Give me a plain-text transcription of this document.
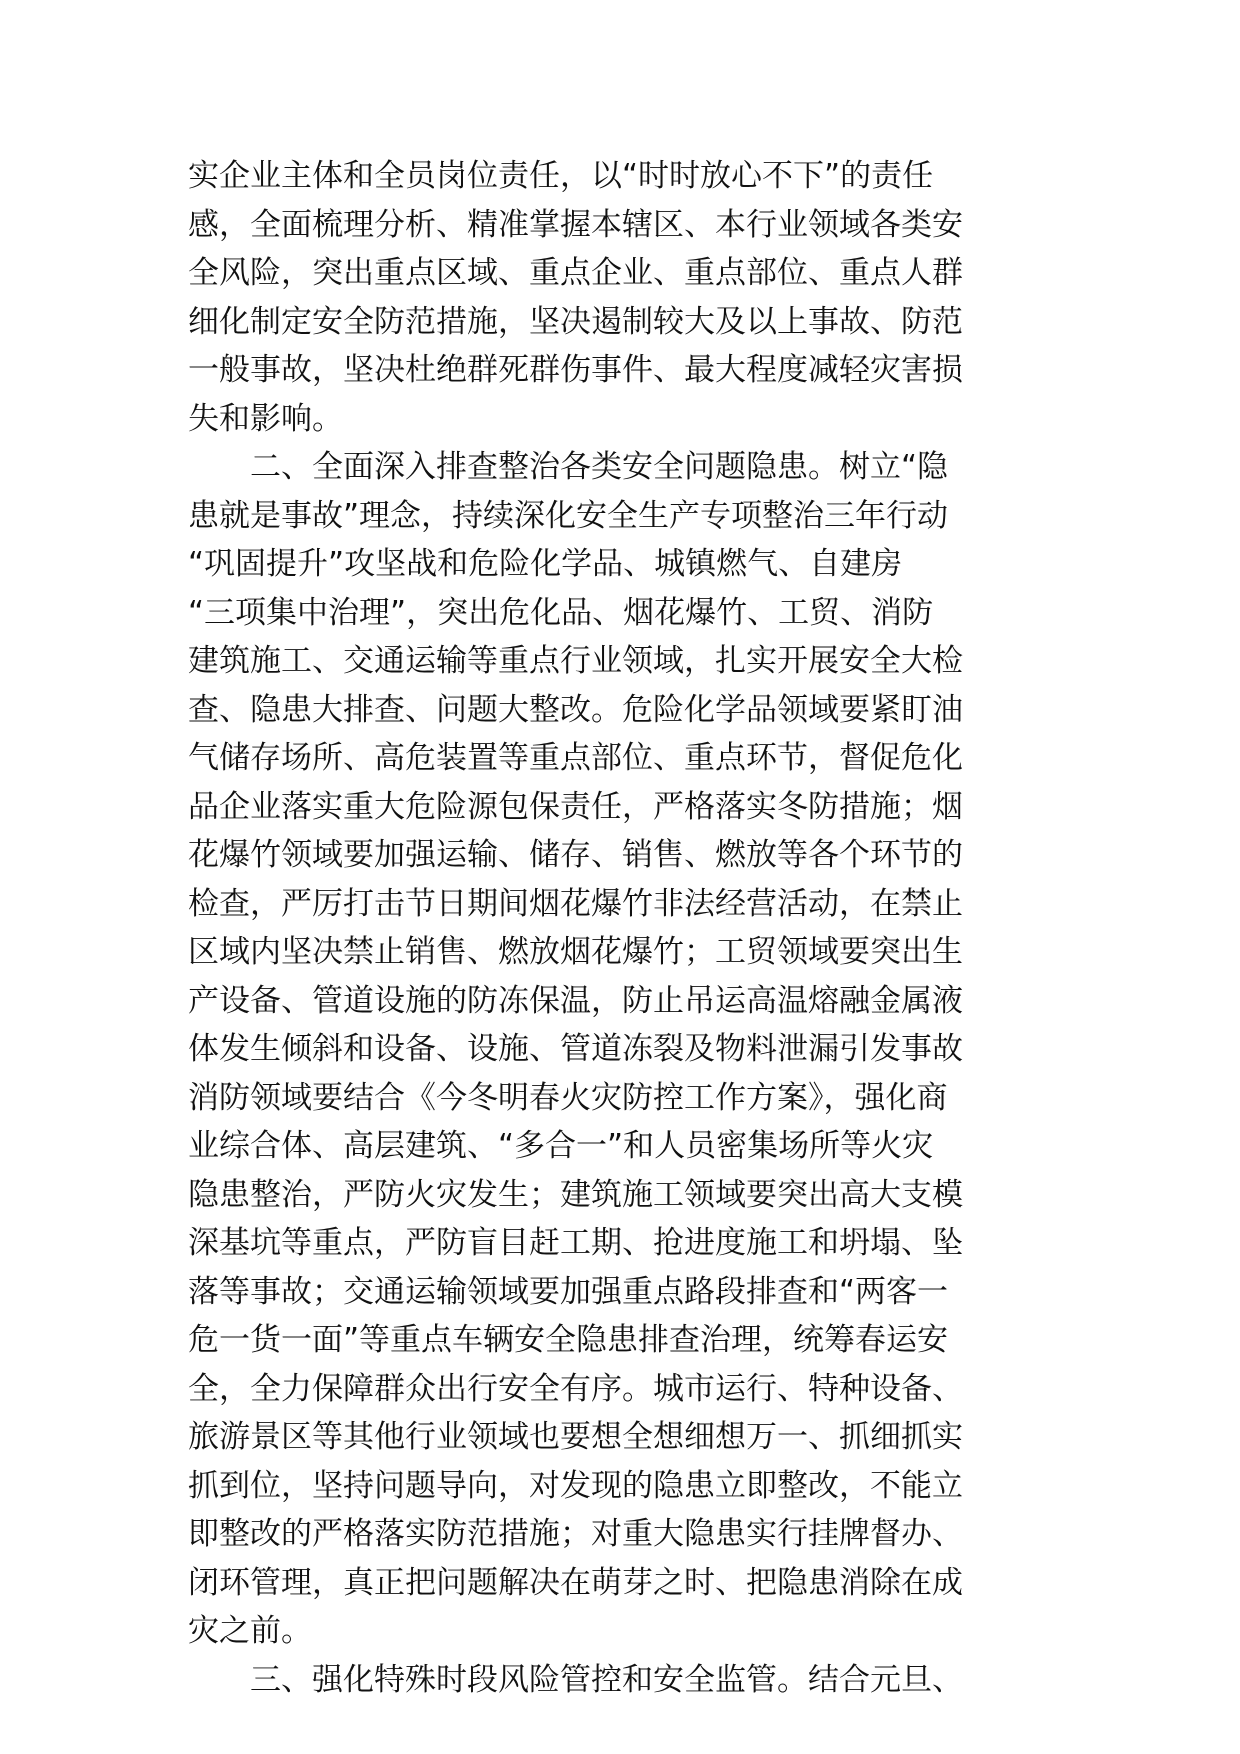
实企业主体和全员岗位责任，以“时时放心不下”的责任
感，全面梳理分析、精准掌握本辖区、本行业领域各类安
全风险，突出重点区域、重点企业、重点部位、重点人群
细化制定安全防范措施，坚决遏制较大及以上事故、防范
一般事故，坚决杜绝群死群伤事件、最大程度减轻灾害损
失和影响。
　　二、全面深入排查整治各类安全问题隐患。树立“隐
患就是事故”理念，持续深化安全生产专项整治三年行动
“巩固提升”攻坚战和危险化学品、城镇燃气、自建房
“三项集中治理”，突出危化品、烟花爆竹、工贸、消防
建筑施工、交通运输等重点行业领域，扎实开展安全大检
查、隐患大排查、问题大整改。危险化学品领域要紧盯油
气储存场所、高危装置等重点部位、重点环节，督促危化
品企业落实重大危险源包保责任，严格落实冬防措施；烟
花爆竹领域要加强运输、储存、销售、燃放等各个环节的
检查，严厉打击节日期间烟花爆竹非法经营活动，在禁止
区域内坚决禁止销售、燃放烟花爆竹；工贸领域要突出生
产设备、管道设施的防冻保温，防止吊运高温熔融金属液
体发生倾斜和设备、设施、管道冻裂及物料泄漏引发事故
消防领域要结合《今冬明春火灾防控工作方案》，强化商
业综合体、高层建筑、“多合一”和人员密集场所等火灾
隐患整治，严防火灾发生；建筑施工领域要突出高大支模
深基坑等重点，严防盲目赶工期、抢进度施工和坍塌、坠
落等事故；交通运输领域要加强重点路段排查和“两客一
危一货一面”等重点车辆安全隐患排查治理，统筹春运安
全，全力保障群众出行安全有序。城市运行、特种设备、
旅游景区等其他行业领域也要想全想细想万一、抓细抓实
抓到位，坚持问题导向，对发现的隐患立即整改，不能立
即整改的严格落实防范措施；对重大隐患实行挂牌督办、
闭环管理，真正把问题解决在萌芽之时、把隐患消除在成
灾之前。
　　三、强化特殊时段风险管控和安全监管。结合元旦、
